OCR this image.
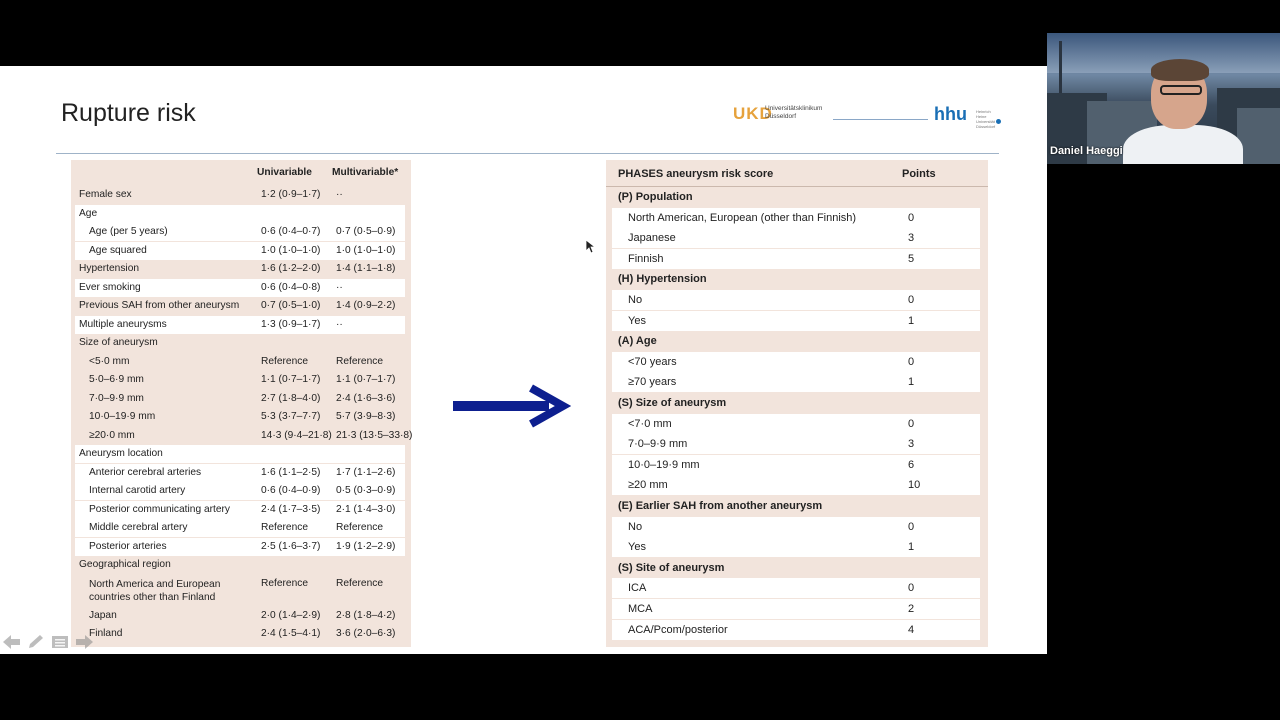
Rupture risk	UKD
Universitätsklinikum
Düsseldorf	hhu Heinrich Heine Universität Düsseldorf
Univariable Multivariable*
Female sex	1·2 (0·9–1·7) ··
Age
Age (per 5 years)	0·6 (0·4–0·7) 0·7 (0·5–0·9)
Age squared	1·0 (1·0–1·0) 1·0 (1·0–1·0)
Hypertension	1·6 (1·2–2·0) 1·4 (1·1–1·8)
Ever smoking	0·6 (0·4–0·8) ··
Previous SAH from other aneurysm 0·7 (0·5–1·0) 1·4 (0·9–2·2)
Multiple aneurysms	1·3 (0·9–1·7) ··
Size of aneurysm
<5·0 mm	Reference	Reference
5·0–6·9 mm	1·1 (0·7–1·7) 1·1 (0·7–1·7)
7·0–9·9 mm	2·7 (1·8–4·0) 2·4 (1·6–3·6)
10·0–19·9 mm	5·3 (3·7–7·7) 5·7 (3·9–8·3)
≥20·0 mm	14·3 (9·4–21·8) 21·3 (13·5–33·8)
Aneurysm location
Anterior cerebral arteries	1·6 (1·1–2·5) 1·7 (1·1–2·6)
Internal carotid artery	0·6 (0·4–0·9) 0·5 (0·3–0·9)
Posterior communicating artery	2·4 (1·7–3·5) 2·1 (1·4–3·0)
Middle cerebral artery	Reference	Reference
Posterior arteries	2·5 (1·6–3·7) 1·9 (1·2–2·9)
Geographical region
North America and European countries other than Finland
Reference	Reference
Japan	2·0 (1·4–2·9) 2·8 (1·8–4·2)
Finland	2·4 (1·5–4·1) 3·6 (2·0–6·3)
PHASES aneurysm risk score	Points
(P) Population
North American, European (other than Finnish)	0
Japanese	3
Finnish	5
(H) Hypertension
No	0
Yes	1
(A) Age
<70 years	0
≥70 years	1
(S) Size of aneurysm
<7·0 mm	0
7·0–9·9 mm	3
10·0–19·9 mm	6
≥20 mm	10
(E) Earlier SAH from another aneurysm
No	0
Yes	1
(S) Site of aneurysm
ICA	0
MCA	2
ACA/Pcom/posterior	4
Daniel Haeggi
